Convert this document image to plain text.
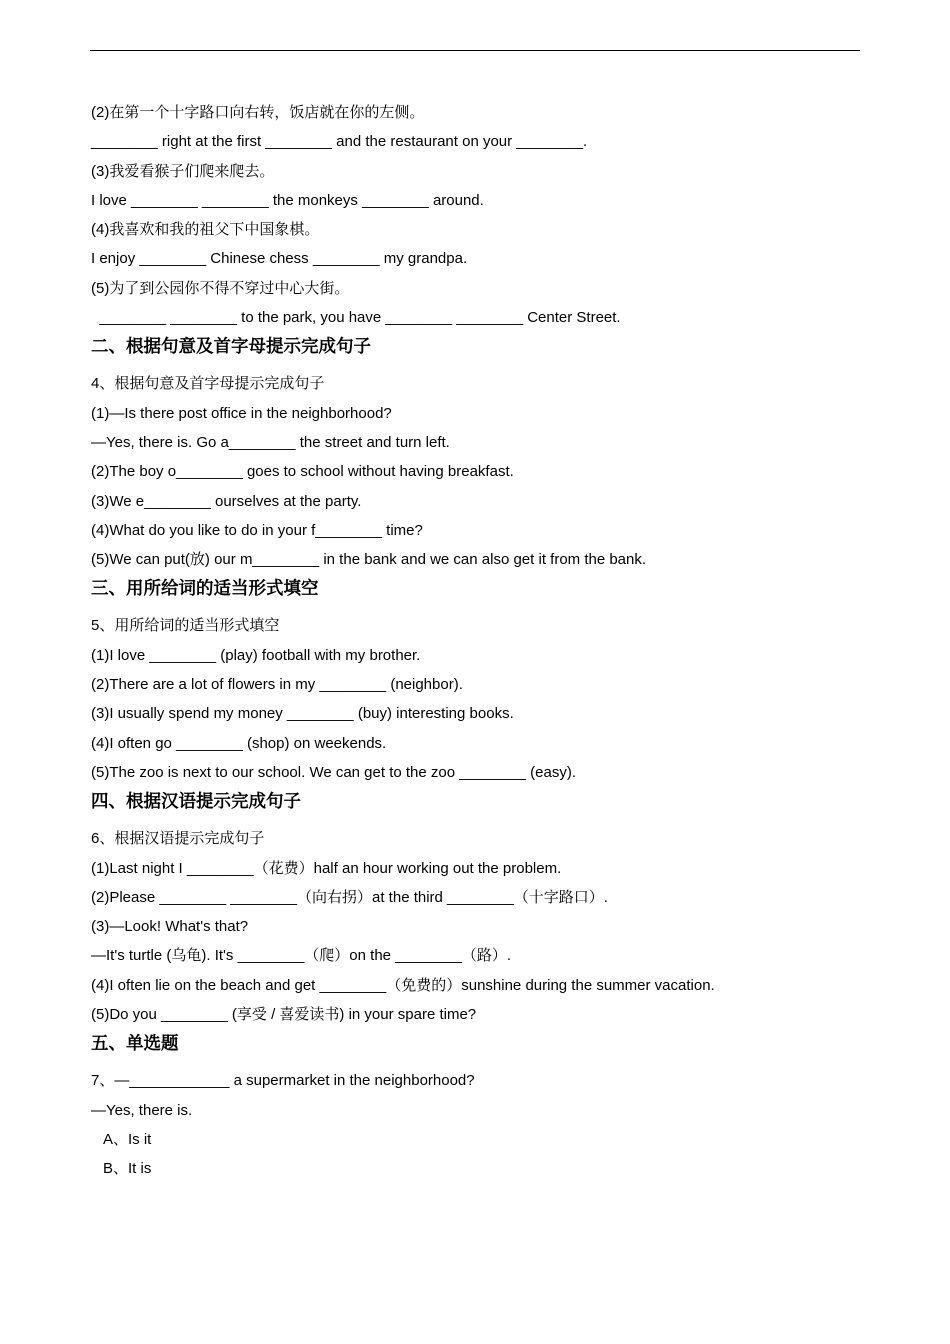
(2)在第一个十字路口向右转，饭店就在你的左侧。
________ right at the first ________ and the restaurant on your ________.
(3)我爱看猴子们爬来爬去。
I love ________ ________ the monkeys ________ around.
(4)我喜欢和我的祖父下中国象棋。
I enjoy ________ Chinese chess ________ my grandpa.
(5)为了到公园你不得不穿过中心大街。
________ ________ to the park, you have ________ ________ Center Street.
二、根据句意及首字母提示完成句子
4、根据句意及首字母提示完成句子
(1)—Is there post office in the neighborhood?
—Yes, there is. Go a________ the street and turn left.
(2)The boy o________ goes to school without having breakfast.
(3)We e________ ourselves at the party.
(4)What do you like to do in your f________ time?
(5)We can put(放) our m________ in the bank and we can also get it from the bank.
三、用所给词的适当形式填空
5、用所给词的适当形式填空
(1)I love ________ (play) football with my brother.
(2)There are a lot of flowers in my ________ (neighbor).
(3)I usually spend my money ________ (buy) interesting books.
(4)I often go ________ (shop) on weekends.
(5)The zoo is next to our school. We can get to the zoo ________ (easy).
四、根据汉语提示完成句子
6、根据汉语提示完成句子
(1)Last night I ________（花费）half an hour working out the problem.
(2)Please ________ ________（向右拐）at the third ________（十字路口）.
(3)—Look! What's that?
—It's turtle (乌龟). It's ________（爬）on the ________（路）.
(4)I often lie on the beach and get ________（免费的）sunshine during the summer vacation.
(5)Do you ________ (享受 / 喜爱读书) in your spare time?
五、单选题
7、—____________ a supermarket in the neighborhood?
—Yes, there is.
A、Is it
B、It is
